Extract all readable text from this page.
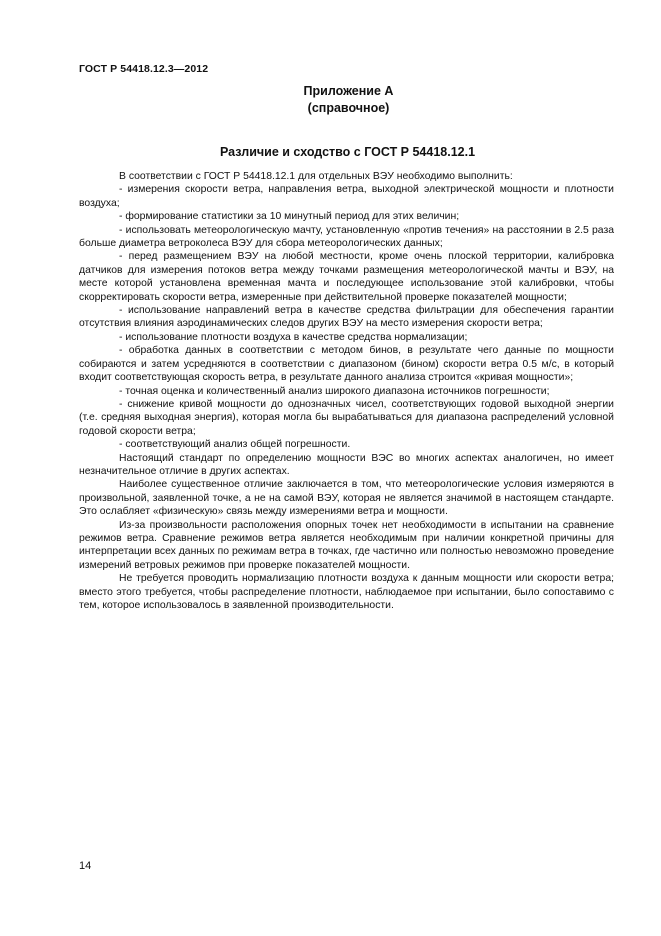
ГОСТ Р 54418.12.3—2012
Приложение А
(справочное)
Различие и сходство с ГОСТ Р 54418.12.1

В соответствии с ГОСТ Р 54418.12.1 для отдельных ВЭУ необходимо выполнить:

- измерения скорости ветра, направления ветра, выходной электрической мощности и плотности воздуха;

- формирование статистики за 10 минутный период для этих величин;

- использовать метеорологическую мачту, установленную «против течения» на расстоянии в 2.5 раза больше диаметра ветроколеса ВЭУ для сбора метеорологических данных;

- перед размещением ВЭУ на любой местности, кроме очень плоской территории, калибровка датчиков для измерения потоков ветра между точками размещения метеорологической мачты и ВЭУ, на месте которой установлена временная мачта и последующее использование этой калибровки, чтобы скорректировать скорости ветра, измеренные при действительной проверке показателей мощности;

- использование направлений ветра в качестве средства фильтрации для обеспечения гарантии отсутствия влияния аэродинамических следов других ВЭУ на место измерения скорости ветра;

- использование плотности воздуха в качестве средства нормализации;

- обработка данных в соответствии с методом бинов, в результате чего данные по мощности собираются и затем усредняются в соответствии с диапазоном (бином) скорости ветра 0.5 м/с, в который входит соответствующая скорость ветра, в результате данного анализа строится «кривая мощности»;

- точная оценка и количественный анализ широкого диапазона источников погрешности;

- снижение кривой мощности до однозначных чисел, соответствующих годовой выходной энергии (т.е. средняя выходная энергия), которая могла бы вырабатываться для диапазона распределений условной годовой скорости ветра;

- соответствующий анализ общей погрешности.

Настоящий стандарт по определению мощности ВЭС во многих аспектах аналогичен, но имеет незначительное отличие в других аспектах.

Наиболее существенное отличие заключается в том, что метеорологические условия измеряются в произвольной, заявленной точке, а не на самой ВЭУ, которая не является значимой в настоящем стандарте. Это ослабляет «физическую» связь между измерениями ветра и мощности.

Из-за произвольности расположения опорных точек нет необходимости в испытании на сравнение режимов ветра. Сравнение режимов ветра является необходимым при наличии конкретной причины для интерпретации всех данных по режимам ветра в точках, где частично или полностью невозможно проведение измерений ветровых режимов при проверке показателей мощности.

Не требуется проводить нормализацию плотности воздуха к данным мощности или скорости ветра; вместо этого требуется, чтобы распределение плотности, наблюдаемое при испытании, было сопоставимо с тем, которое использовалось в заявленной производительности.

14
